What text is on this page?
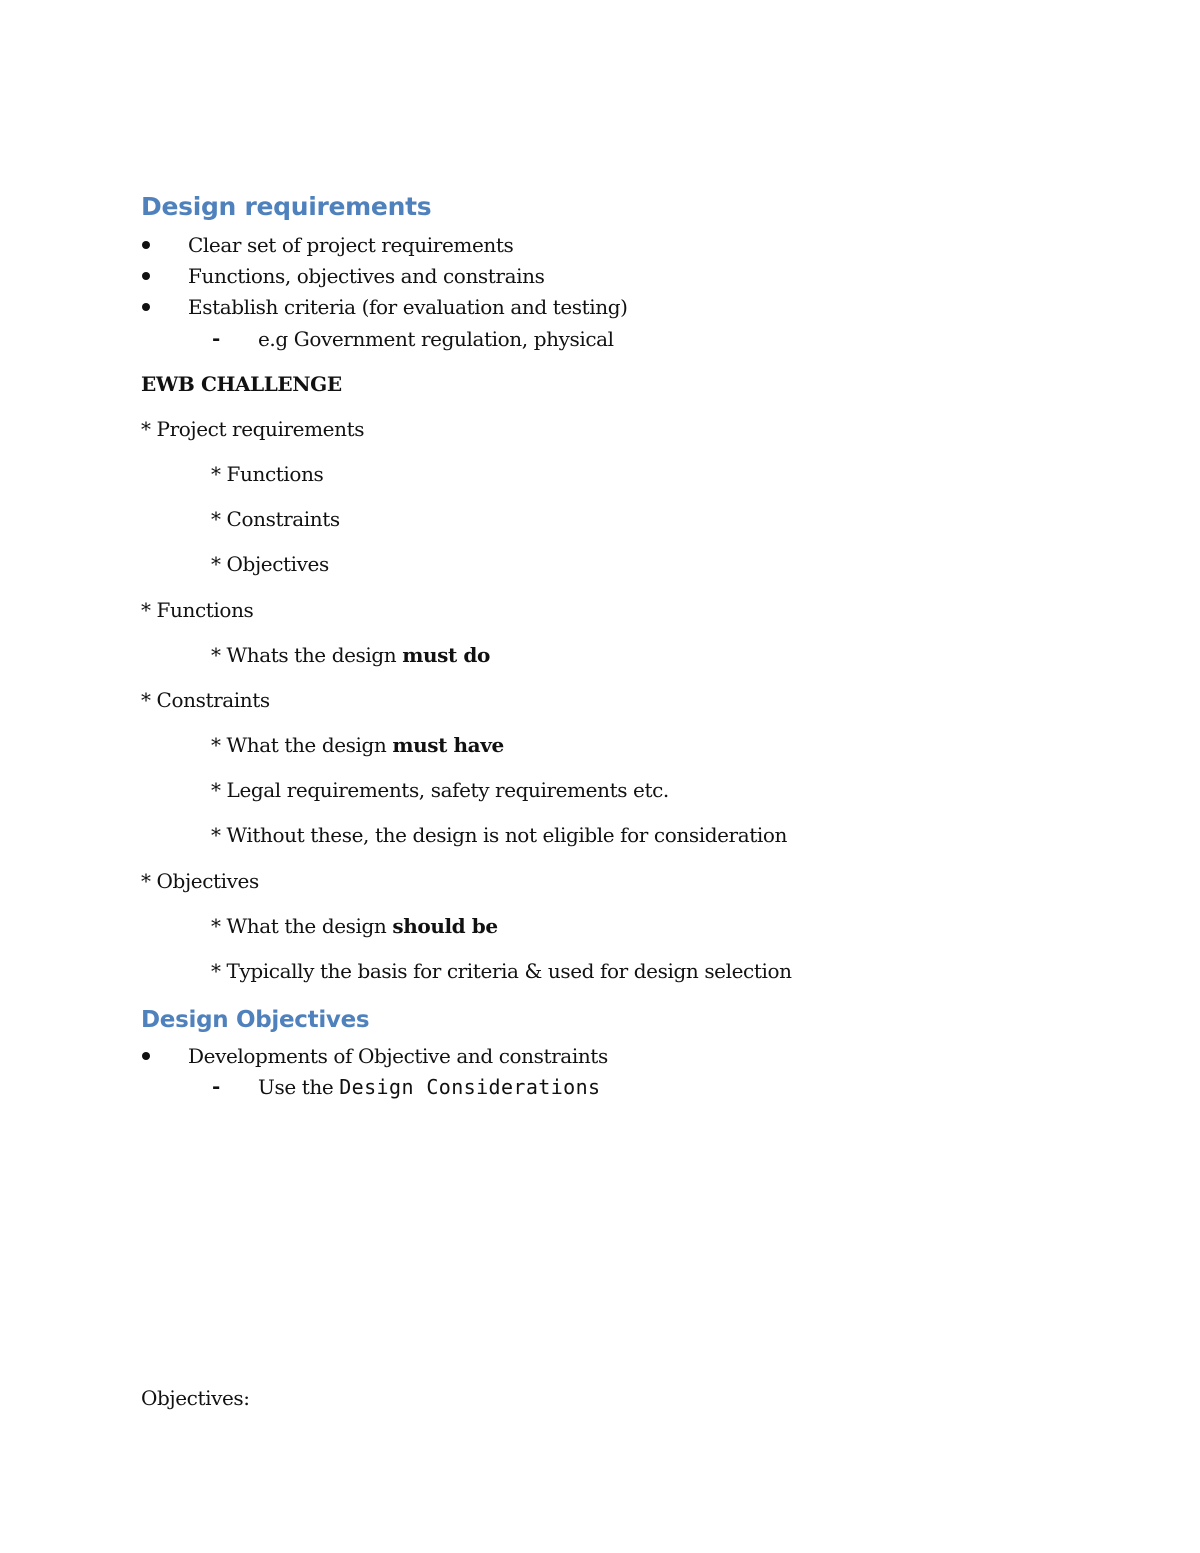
Design requirements
Clear set of project requirements
Functions, objectives and constrains
Establish criteria (for evaluation and testing)
- e.g Government regulation, physical
EWB CHALLENGE
* Project requirements
* Functions
* Constraints
* Objectives
* Functions
* Whats the design must do
* Constraints
* What the design must have
* Legal requirements, safety requirements etc.
* Without these, the design is not eligible for consideration
* Objectives
* What the design should be
* Typically the basis for criteria & used for design selection
Design Objectives
Developments of Objective and constraints
- Use the Design Considerations
Objectives:
